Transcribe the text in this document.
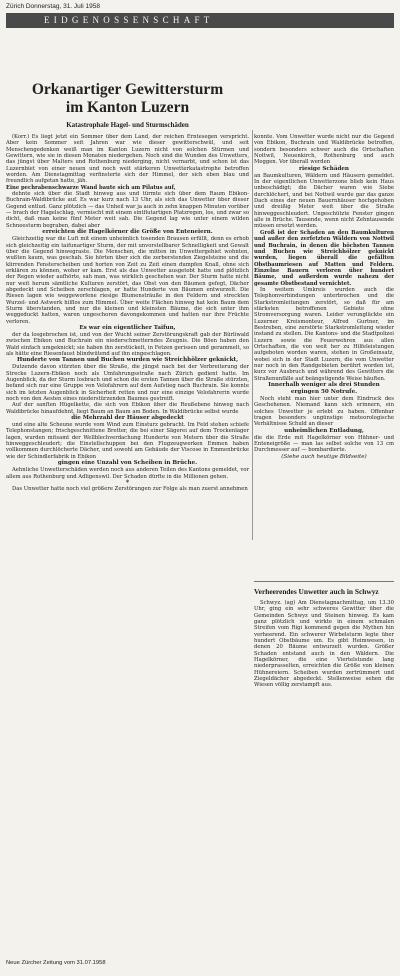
Zürich Donnerstag, 31. Juli 1958
EIDGENOSSENSCHAFT
Orkanartiger Gewittersturm
im Kanton Luzern
Katastrophale Hagel- und Sturmschäden

(Korr.) Es liegt jetzt ein Sommer über dem Land, der reichen Erntesegen verspricht. Aber kein Sommer seit Jahren war wie dieser gewitterschwül, und seit Menschengedenken weiß man im Kanton Luzern nicht von solchen Stürmen und Gewittern, wie sie in diesen Monaten niedergehen. Noch sind die Wunden des Unwetters, das jüngst über Malters und Rothenburg niederging, nicht vernarbt, und schon ist das Luzernbiet von einer neuen und noch weit stärkeren Unwetterkatastrophe betroffen worden. Am Dienstagmittag verfinsterte sich der Himmel, der sich eben blau und freundlich aufgetan hatte, jäh.

Eine pechrabenschwarze Wand baute sich am Pilatus auf,

dehnte sich über die Stadt hinweg aus und türmte sich über dem Raum Ebikon-Buchrain-Waldibrücke auf. Es war kurz nach 13 Uhr, als sich das Unwetter über dieser Gegend entlud. Ganz plötzlich — das Unheil war ja auch in zehn knappen Minuten vorüber — brach der Hagelschlag, vermischt mit einem sintflutartigen Platzregen, los, und zwar so dicht, daß man keine fünf Meter weit sah. Die Gegend lag wie unter einem wilden Schneesturm begraben, dabei aber

erreichten die Hagelkörner die Größe von Enteneiern.

Gleichzeitig war die Luft mit einem unheimlich tosenden Brausen erfüllt, denn es erhob sich gleichzeitig ein taifunartiger Sturm, der mit unvorstellbarer Schnelligkeit und Gewalt über die Gegend hinwegraste. Die Menschen, die mitten im Unwettergebiet wohnten, wußten kaum, was geschah. Sie hörten über sich die zerberstenden Ziegelsteine und die klirrenden Fensterscheiben und horten von Zeit zu Zeit einen dumpfen Knall, ohne sich erklären zu können, woher er kam. Erst als das Unwetter ausgetobt hatte und plötzlich der Regen wieder aufhörte, sah man, was wirklich geschehen war. Der Sturm hatte nicht nur weit herum sämtliche Kulturen zerstört, das Obst von den Bäumen gefegt, Dächer abgedeckt und Scheiben zerschlagen, er hatte Hunderte von Bäumen entwurzelt. Die Riesen lagen wie weggeworfene riesige Blumensträuße in den Feldern und streckten Wurzel- und Astwerk hilflos zum Himmel. Über weite Flächen hinweg hat kein Baum dem Sturm überstanden, und nur die kleinen und kleinsten Bäume, die sich unter ihm weggeduckt hatten, waren ungeschoren davongekommen und hatten nur ihre Früchte verloren.

Es war ein eigentlicher Taifun,

der da losgebrochen ist, und von der Wucht seiner Zerstörungskraft gab der Bürliwald zwischen Ebikon und Buchrain ein niederschmetterndes Zeugnis. Die Böen haben den Wald einfach umgeknickt; sie haben ihn zerstückelt, in Fetzen gerissen und gerammelt, so als hätte eine Riesenfaust blindwütend auf ihn eingeschlagen.

Hunderte von Tannen und Buchen wurden wie Streichhölzer geknickt,

Dutzende davon stürzten über die Straße, die jüngst nach bei der Verbreiterung der Strecke Luzern-Ebikon noch als Umfahrungsstraße nach Zürich gedient hatte. Im Augenblick, da der Sturm losbrach und schon die ersten Tannen über die Straße stürzten, befand sich nur eine Gruppe von Velofahrern auf dem Aufstieg nach Buchrain. Sie konnte sich im letzten Augenblick in Sicherheit retten und nur eine einzige Velofahrerin wurde noch von den Aesten eines niederstürzenden Baumes gestreift.

Auf der sanften Hügelkette, die sich von Ebikon über die Reußebene hinweg nach Waldibrücke hinaufdehnt, liegt Baum an Baum am Boden. In Waldibrücke selbst wurde

die Mehrzahl der Häuser abgedeckt

und eine alte Scheune wurde vom Wind zum Einsturz gebracht. Im Feld stehen schiefe Telephonstangen; frischgeschnittene Bretter, die bei einer Sägerei auf dem Trockenlager lagen, wurden mitsamt der Wellblechverdachung Hunderte von Metern über die Straße hinweggeschleudert; die Einstellschuppen bei den Flugzeugwerken Emmen haben vollkommen durchlöcherte Dächer, und sowohl am Gebäude der Viscose in Emmenbrücke wie der Schindlerfabrik in Ebikon

gingen eine Unzahl von Scheiben in Brüche.

Aehnliche Unwetterschäden werden noch aus anderen Teilen des Kantons gemeldet, vor allem aus Rothenburg und Adligenswil. Der Schaden dürfte in die Millionen gehen.

*

Das Unwetter hatte noch viel größere Zerstörungen zur Folge als man zuerst annehmen

konnte. Vom Unwetter wurde nicht nur die Gegend von Ebikon, Buchrain und Waldibrücke betroffen, sondern besonders schwer auch die Ortschaften Nottwil, Neuenkirch, Rothenburg und auch Meggen. Vor überall werden

riesige Schäden

an Baumkulturen, Wäldern und Häusern gemeldet. In der eigentlichen Unwetterzone blieb kein Haus unbeschädigt; die Dächer waren wie Siebe durchlöchert, und bei Nottwil wurde gar das ganze Dach eines der neuen Bauernhäuser hochgehoben und dreißig Meter weit über die Straße hinweggeschleudert. Ungeschützte Fenster gingen alle in Brüche. Tausende, wenn nicht Zehntausende müssen ersetzt werden.

Groß ist der Schaden an den Baumkulturen und außer den zerfetzten Wäldern von Nottwil und Buchrain, in denen die höchsten Tannen und Buchen wie Streichhölzer geknickt wurden, liegen überall die gefällten Obstbaumriesen auf Matten und Feldern. Einzelne Bauern verloren über hundert Bäume, und außerdem wurde nahezu der gesamte Obstbestand vernichtet.

In weitem Umkreis wurden auch die Telephonverbindungen unterbrochen und die Starkstromleitungen zerstört, so daß für am stärksten betroffenen Gebiete ohne Stromversorgung waren. Leider verunglückte ein Luzerner Kreismonteur, Alfred Gurtner, im Bestreben, eine zerstörte Starkstromleitung wieder instand zu stellen. Die Kantons- und die Stadtpolizei Luzern sowie die Feuerwehren aus allen Ortschaften, die von weit her zu Hilfeleistungen aufgeboten worden waren, stehen in Großeinsatz, wobei sich in der Stadt Luzern, die vom Unwetter nur noch in den Randgebieten berührt worden ist, kurz vor Ausbruch und während des Gewitters die Straßenunfälle auf beängstigende Weise häuften.

Innerhalb weniger als drei Stunden ergingen 50 Notrufe.

Noch steht man hier unter dem Eindruck des Geschehenen. Niemand kann sich erinnern, ein solches Unwetter je erlebt zu haben. Offenbar tragen besonders ungünstige meteorologische Verhältnisse Schuld an dieser

unheimlichen Entladung,

die die Erde mit Hagelkörner von Hühner- und Enteneigröße — man las selbst solche von 13 cm Durchmesser auf — bombardierte.

(Siehe auch heutige Bildseite)

Verheerendes Unwetter auch in Schwyz

Schwyz. (ag) Am Dienstagnachmittag, um 13.30 Uhr, ging ein sehr schweres Gewitter über die Gemeinden Schwyz und Steinen hinweg. Es kam ganz plötzlich und wirkte in einem schmalen Streifen vom Rigi kommend gegen die Mythen hin verheerend. Ein schwerer Wirbelsturm legte über hundert Obstbäume um. Es gibt Heimwesen, in denen 20 Bäume entwurzelt wurden. Größer Schaden entstand auch in den Wäldern. Die Hagelkörner, die eine Viertelstunde lang niederprasselten, erreichten die Größe von kleinen Hühnereiern. Scheiben wurden zertrümmert und Ziegeldächer abgedeckt. Stellenweise sehen die Wiesen völlig zerstampft aus.

Neue Zürcher Zeitung vom 31.07.1958
